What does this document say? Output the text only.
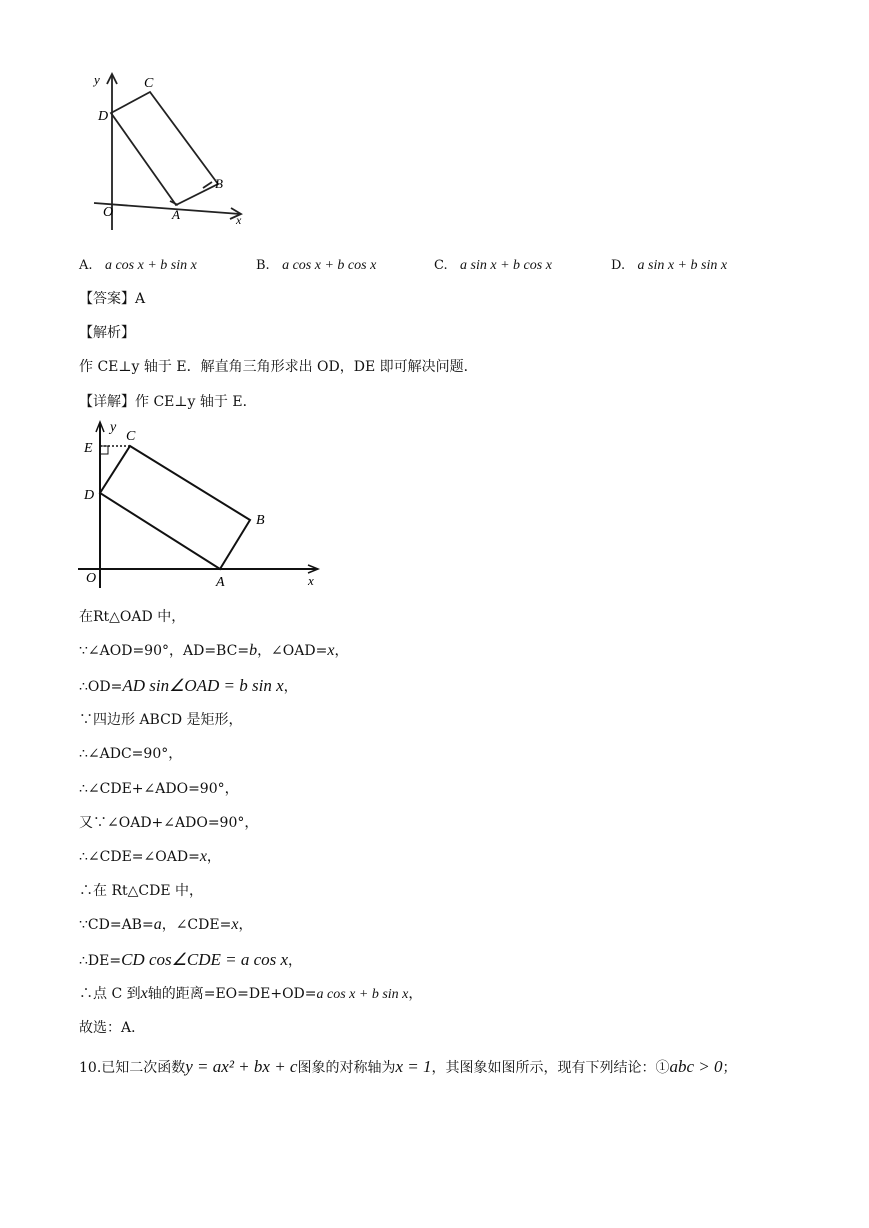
y	C
D
B
O	A	x
A. a cos x + b sin x	B. a cos x + b cos x	C. a sin x + b cos x	D. a sin x + b sin x
【答案】A
【解析】
作 CE⊥y 轴于 E．解直角三角形求出 OD，DE 即可解决问题．
【详解】作 CE⊥y 轴于 E．
y
E
C
D
B
O	A	x
在Rt△OAD 中，
∵∠AOD=90°，AD=BC=b，∠OAD=x，
∴OD=AD sin∠OAD = b sin x，
∵四边形 ABCD 是矩形，
∴∠ADC=90°，
∴∠CDE+∠ADO=90°，
又∵∠OAD+∠ADO=90°，
∴∠CDE=∠OAD=x，
∴在 Rt△CDE 中，
∵CD=AB=a，∠CDE=x，
∴DE=CD cos∠CDE = a cos x，
∴点 C 到x轴的距离=EO=DE+OD=a cos x + b sin x，
故选：A．
10.已知二次函数y = ax² + bx + c图象的对称轴为x = 1，其图象如图所示，现有下列结论：①abc > 0；
